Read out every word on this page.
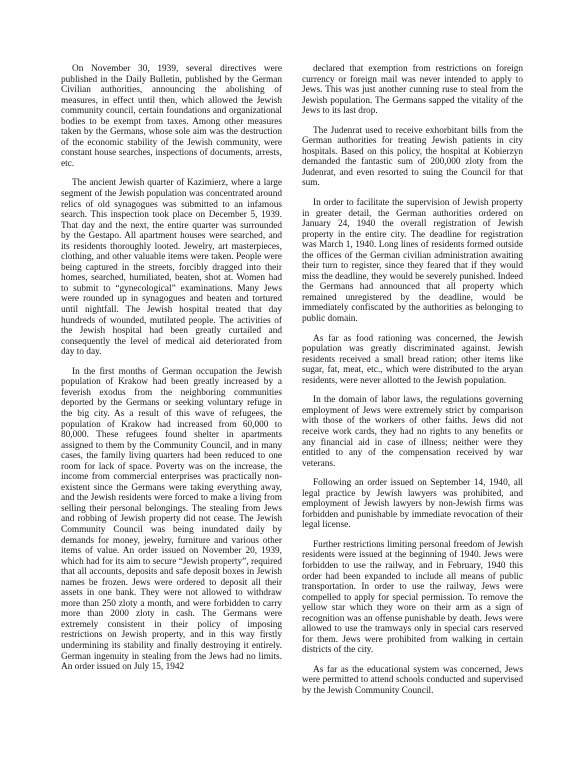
On November 30, 1939, several directives were published in the Daily Bulletin, published by the German Civilian authorities, announcing the abolishing of measures, in effect until then, which allowed the Jewish community council, certain foundations and organizational bodies to be exempt from taxes. Among other measures taken by the Germans, whose sole aim was the destruction of the economic stability of the Jewish community, were constant house searches, inspections of documents, arrests, etc.

The ancient Jewish quarter of Kazimierz, where a large segment of the Jewish population was concentrated around relics of old synagogues was submitted to an infamous search. This inspection took place on December 5, 1939. That day and the next, the entire quarter was surrounded by the Gestapo. All apartment houses were searched, and its residents thoroughly looted. Jewelry, art masterpieces, clothing, and other valuable items were taken. People were being captured in the streets, forcibly dragged into their homes, searched, humiliated, beaten, shot at. Women had to submit to “gynecological” examinations. Many Jews were rounded up in synagogues and beaten and tortured until nightfall. The Jewish hospital treated that day hundreds of wounded, mutilated people. The activities of the Jewish hospital had been greatly curtailed and consequently the level of medical aid deteriorated from day to day.

In the first months of German occupation the Jewish population of Krakow had been greatly increased by a feverish exodus from the neighboring communities deported by the Germans or seeking voluntary refuge in the big city. As a result of this wave of refugees, the population of Krakow had increased from 60,000 to 80,000. These refugees found shelter in apartments assigned to them by the Community Council, and in many cases, the family living quarters had been reduced to one room for lack of space. Poverty was on the increase, the income from commercial enterprises was practically non-existent since the Germans were taking everything away, and the Jewish residents were forced to make a living from selling their personal belongings. The stealing from Jews and robbing of Jewish property did not cease. The Jewish Community Council was being inundated daily by demands for money, jewelry, furniture and various other items of value. An order issued on November 20, 1939, which had for its aim to secure “Jewish property”, required that all accounts, deposits and safe deposit boxes in Jewish names be frozen. Jews were ordered to deposit all their assets in one bank. They were not allowed to withdraw more than 250 zloty a month, and were forbidden to carry more than 2000 zloty in cash. The Germans were extremely consistent in their policy of imposing restrictions on Jewish property, and in this way firstly undermining its stability and finally destroying it entirely. German ingenuity in stealing from the Jews had no limits. An order issued on July 15, 1942

declared that exemption from restrictions on foreign currency or foreign mail was never intended to apply to Jews. This was just another cunning ruse to steal from the Jewish population. The Germans sapped the vitality of the Jews to its last drop.

The Judenrat used to receive exhorbitant bills from the German authorities for treating Jewish patients in city hospitals. Based on this policy, the hospital at Kobierzyn demanded the fantastic sum of 200,000 zloty from the Judenrat, and even resorted to suing the Council for that sum.

In order to facilitate the supervision of Jewish property in greater detail, the German authorities ordered on January 24, 1940 the overall registration of Jewish property in the entire city. The deadline for registration was March 1, 1940. Long lines of residents formed outside the offices of the German civilian administration awaiting their turn to register, since they feared that if they would miss the deadline, they would be severely punished. Indeed the Germans had announced that all property which remained unregistered by the deadline, would be immediately confiscated by the authorities as belonging to public domain.

As far as food rationing was concerned, the Jewish population was greatly discriminated against. Jewish residents received a small bread ration; other items like sugar, fat, meat, etc., which were distributed to the aryan residents, were never allotted to the Jewish population.

In the domain of labor laws, the regulations governing employment of Jews were extremely strict by comparison with those of the workers of other faiths. Jews did not receive work cards, they had no rights to any benefits or any financial aid in case of illness; neither were they entitled to any of the compensation received by war veterans.

Following an order issued on September 14, 1940, all legal practice by Jewish lawyers was prohibited, and employment of Jewish lawyers by non-Jewish firms was forbidden and punishable by immediate revocation of their legal license.

Further restrictions limiting personal freedom of Jewish residents were issued at the beginning of 1940. Jews were forbidden to use the railway, and in February, 1940 this order had been expanded to include all means of public transportation. In order to use the railway, Jews were compelled to apply for special permission. To remove the yellow star which they wore on their arm as a sign of recognition was an offense punishable by death. Jews were allowed to use the tramways only in special cars reserved for them. Jews were prohibited from walking in certain districts of the city.

As far as the educational system was concerned, Jews were permitted to attend schools conducted and supervised by the Jewish Community Council.
